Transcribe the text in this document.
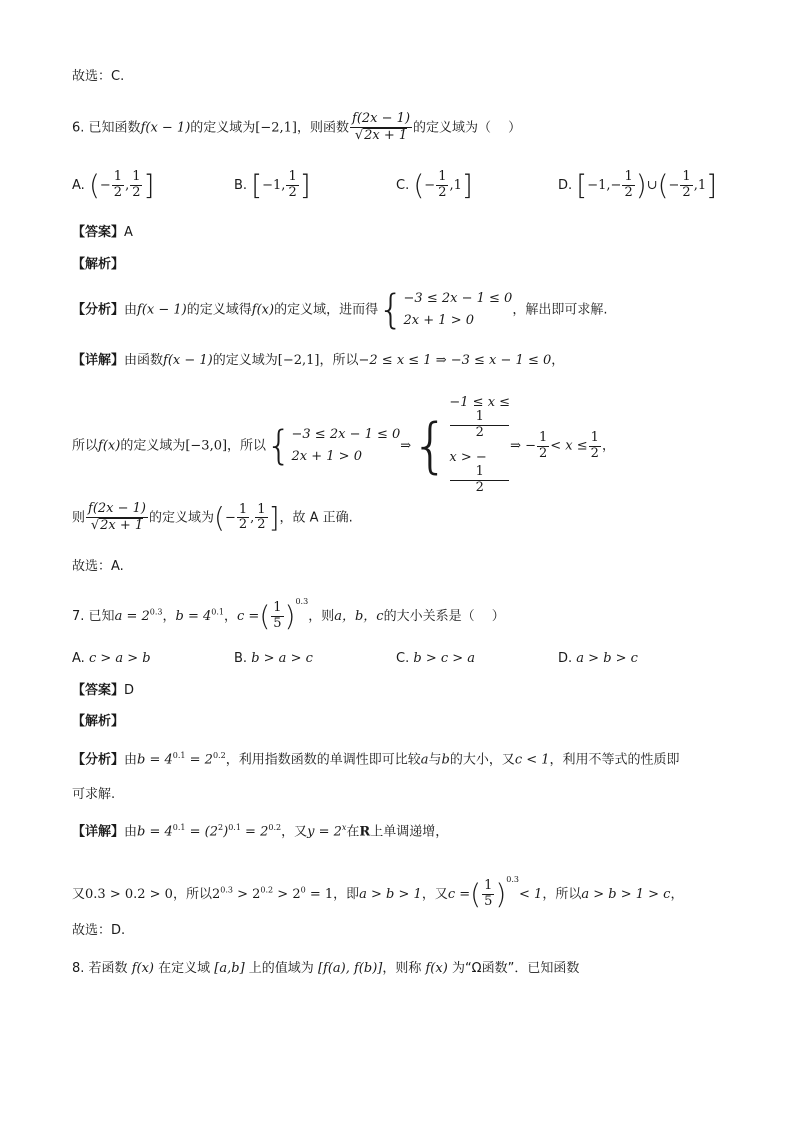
故选：C.
6. 已知函数f(x − 1)的定义域为[−2,1]，则函数 $\frac{f(2x - 1)}{√2x + 1}$ 的定义域为（　 ）
A. (− $\frac{1}{2}$ , $\frac{1}{2}$ ]	B. [−1, $\frac{1}{2}$ ]	C. (− $\frac{1}{2} ,1$]	D. [$-1,- \frac{1}{2}$ )∪(− $\frac{1}{2} ,1$]
【答案】A
【解析】
【分析】由f(x − 1)的定义域得f(x)的定义域，进而得{ −3 ≤ 2x − 1 ≤ 0
2x + 1 > 0
，解出即可求解.
【详解】由函数f(x − 1)的定义域为[−2,1]，所以−2 ≤ x ≤ 1 ⇒ −3 ≤ x − 1 ≤ 0，
所以f(x)的定义域为[−3,0]，所以{ −3 ≤ 2x − 1 ≤ 0
2x + 1 > 0
⇒{
−1 ≤ x ≤
1
2
x > −
1
2
⇒ − $\frac{1}{2} < x \le \frac{1}{2}$ ，
则 $\frac{f(2x - 1)}{√2x + 1}$ 的定义域为(− $\frac{1}{2}$ , $\frac{1}{2}$ ]，故 A 正确.
故选：A.
7. 已知$a = 2^{0.3}$，$b = 4^{0.1}$，c =( $\frac{1}{5} )^{0.3}$，则a，b，c的大小关系是（　 ）
A. c > a > b	B. b > a > c	C. b > c > a	D. a > b > c
【答案】D
【解析】
【分析】由$b = 4^{0.1} = 2^{0.2}$，利用指数函数的单调性即可比较a与b的大小，又c < 1，利用不等式的性质即
可求解.
【详解】由$b = 4^{0.1} = (2^2)^{0.1} = 2^{0.2}$，又$y = 2^x$在R上单调递增，
又0.3 > 0.2 > 0，所以$2^{0.3} > 2^{0.2} > 2^0 = 1$，即a > b > 1，又c =( $\frac{1}{5} )^{0.3}< 1$，所以a > b > 1 > c，
故选：D.
8. 若函数 f(x) 在定义域 [a,b] 上的值域为 [f(a), f(b)]，则称 f(x) 为“Ω函数”．已知函数
